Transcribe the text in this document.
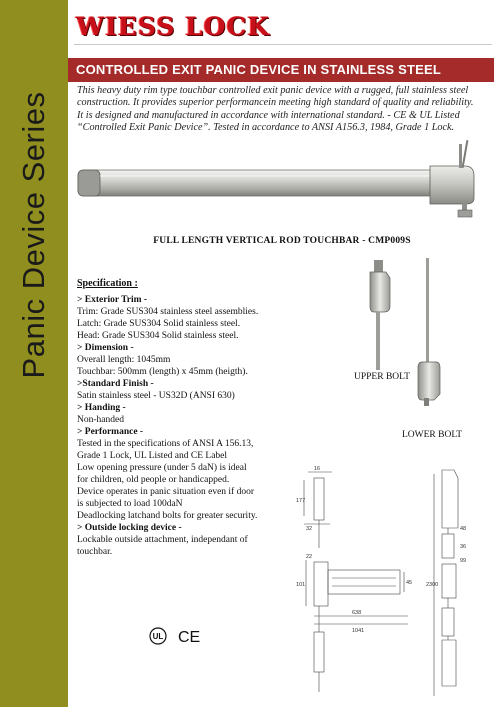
Panic Device Series
WIESS LOCK
CONTROLLED EXIT PANIC DEVICE IN STAINLESS STEEL
This heavy duty rim type touchbar controlled exit panic device with a rugged, full stainless steel
construction. It provides superior performancein meeting high standard of quality and reliability.
It is designed and manufactured in accordance with international standard. - CE & UL Listed
“Controlled Exit Panic Device”. Tested in accordance to ANSI A156.3, 1984, Grade 1 Lock.
FULL LENGTH VERTICAL ROD TOUCHBAR - CMP009S
Specification :
> Exterior Trim -
Trim: Grade SUS304 stainless steel assemblies.
Latch: Grade SUS304 Solid stainless steel.
Head: Grade SUS304 Solid stainless steel.
> Dimension -
Overall length: 1045mm
Touchbar: 500mm (length) x 45mm (heigth).
>Standard Finish -
Satin stainless steel - US32D (ANSI 630)
> Handing -
Non-handed
> Performance -
Tested in the specifications of ANSI A 156.13,
Grade 1 Lock, UL Listed and CE Label
Low opening pressure (under 5 daN) is ideal
for children, old people or handicapped.
Device operates in panic situation even if door
is subjected to load 100daN
Deadlocking latchand bolts for greater security.
> Outside locking device -
Lockable outside attachment, independant of
touchbar.
UPPER BOLT
LOWER BOLT
16
177
32
22
101	45
638
1041
2300
48
99
36
UL CE
